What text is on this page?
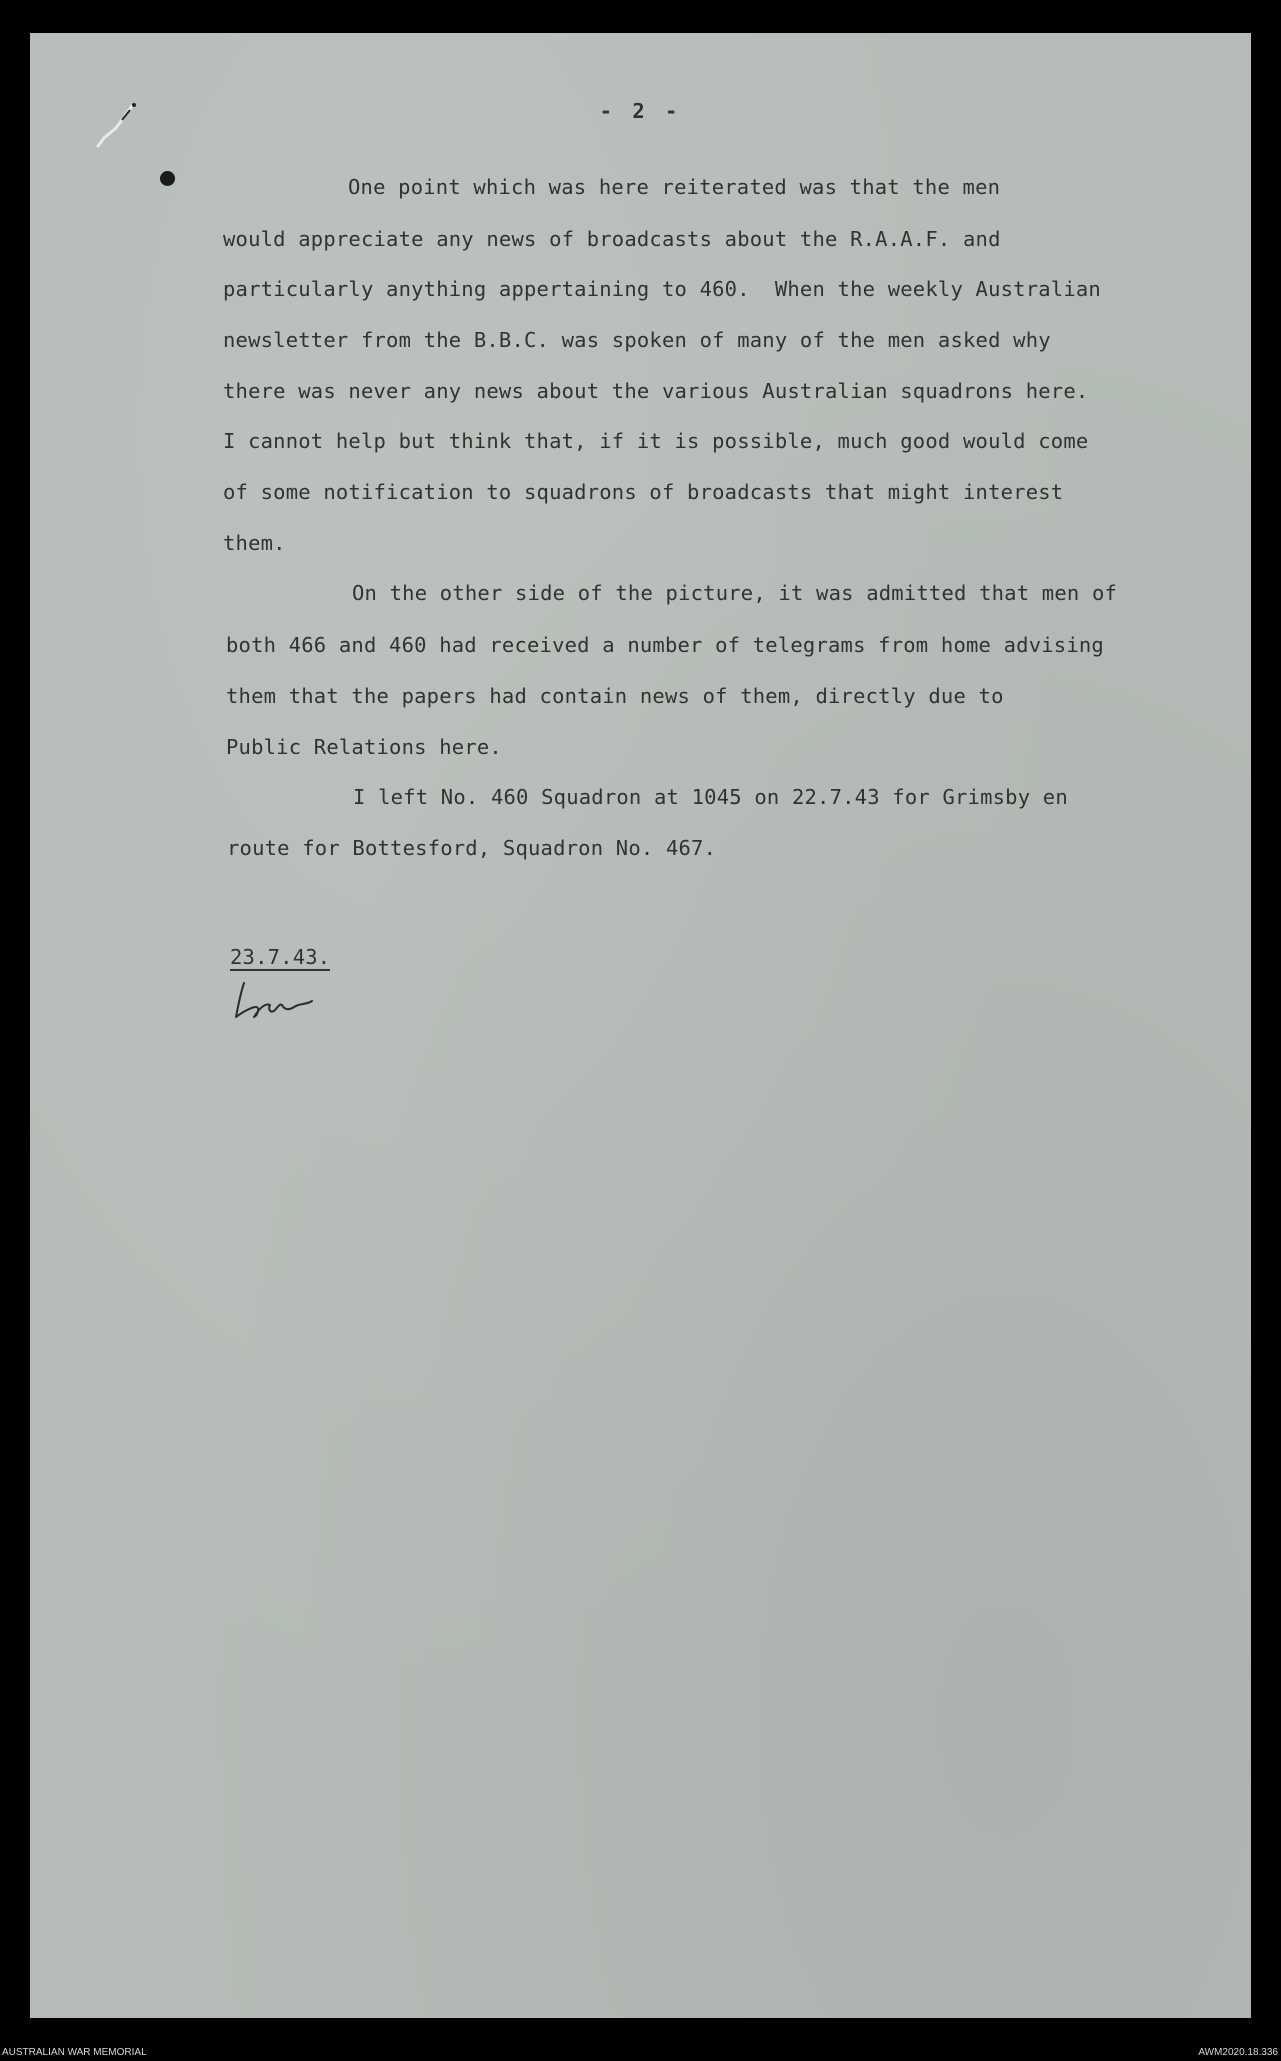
- 2 -
One point which was here reiterated was that the men
would appreciate any news of broadcasts about the R.A.A.F. and
particularly anything appertaining to 460.  When the weekly Australian
newsletter from the B.B.C. was spoken of many of the men asked why
there was never any news about the various Australian squadrons here.
I cannot help but think that, if it is possible, much good would come
of some notification to squadrons of broadcasts that might interest
them.
On the other side of the picture, it was admitted that men of
both 466 and 460 had received a number of telegrams from home advising
them that the papers had contain news of them, directly due to
Public Relations here.
I left No. 460 Squadron at 1045 on 22.7.43 for Grimsby en
route for Bottesford, Squadron No. 467.
23.7.43.
AUSTRALIAN WAR MEMORIAL	AWM2020.18.336
